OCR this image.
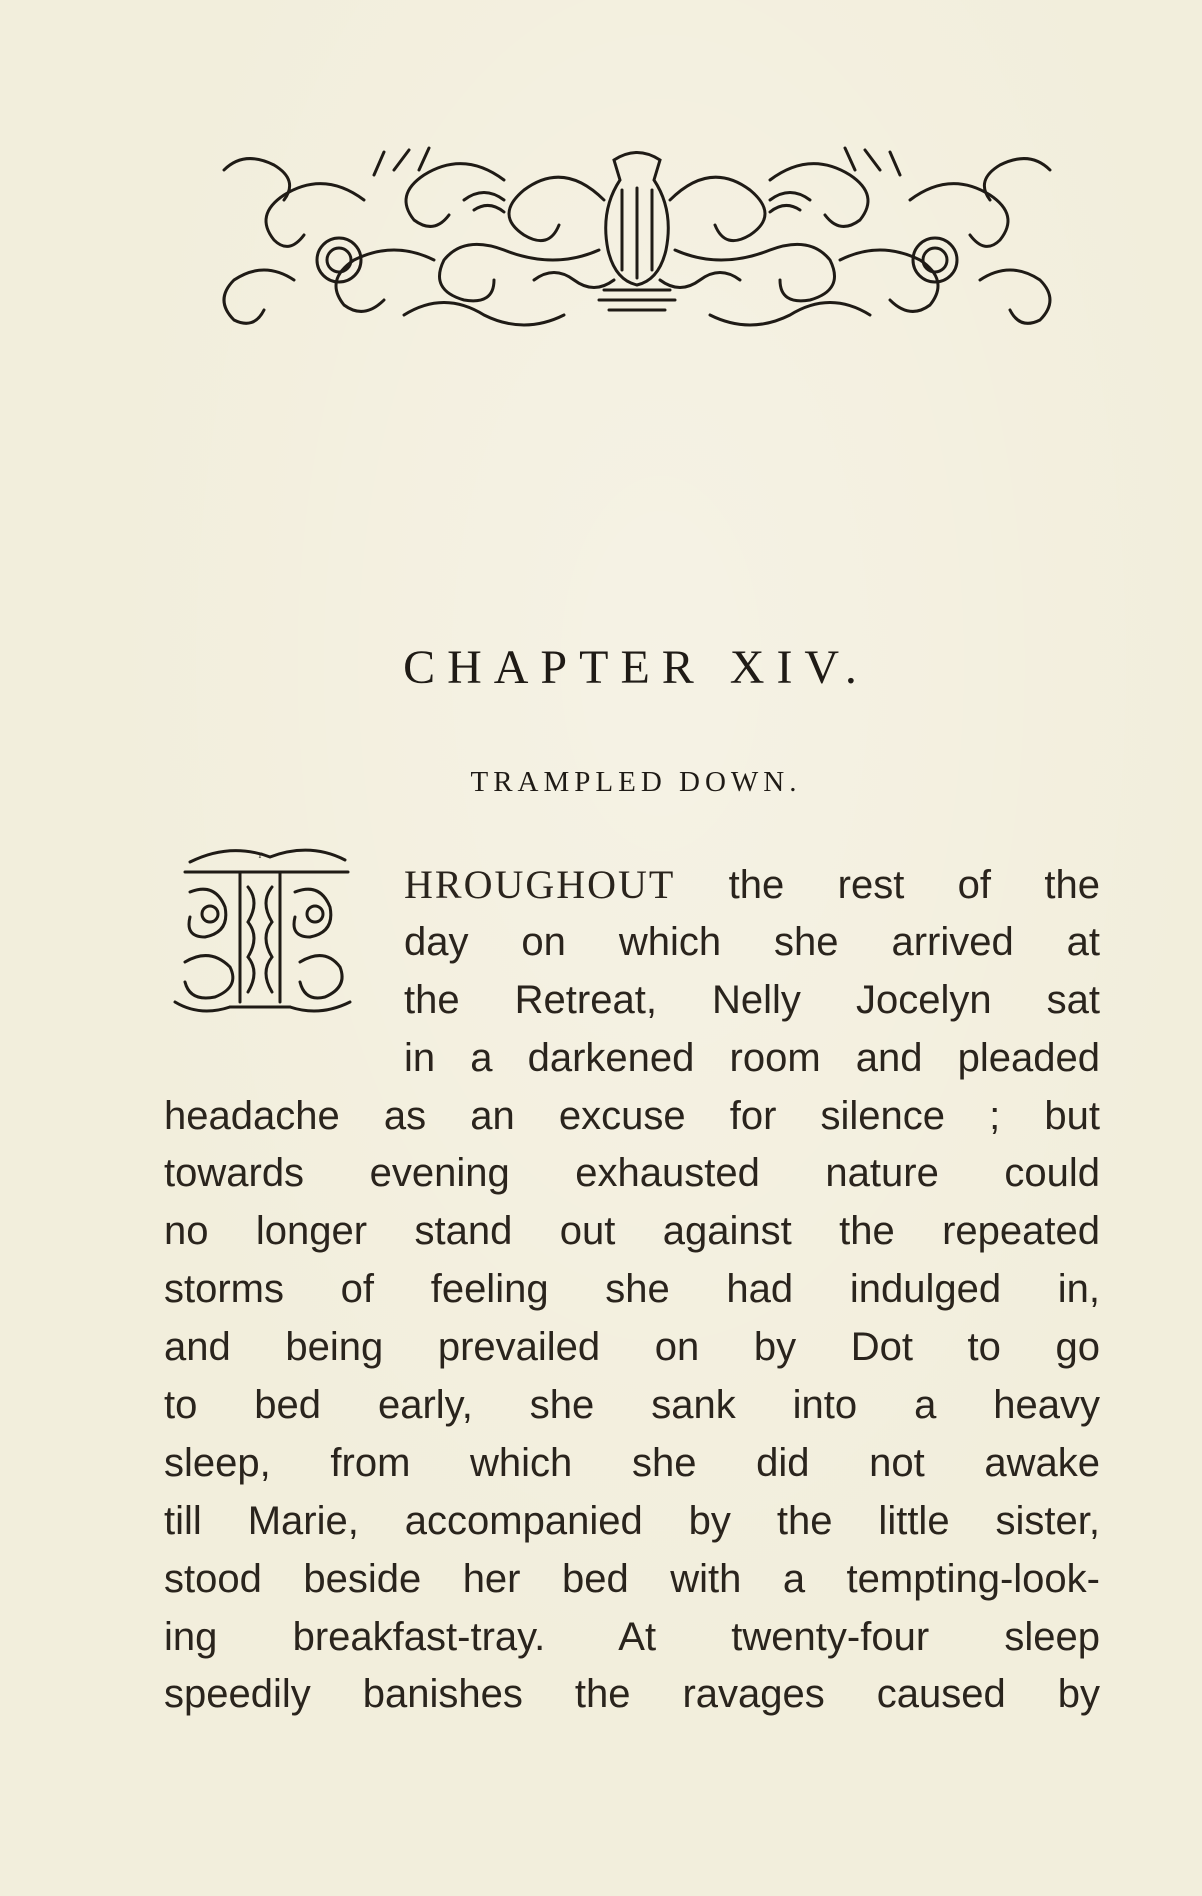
CHAPTER XIV.
TRAMPLED DOWN.
T
HROUGHOUT the rest of the
day on which she arrived at
the Retreat, Nelly Jocelyn sat
in a darkened room and pleaded
headache as an excuse for silence ; but
towards evening exhausted nature could
no longer stand out against the repeated
storms of feeling she had indulged in,
and being prevailed on by Dot to go
to bed early, she sank into a heavy
sleep, from which she did not awake
till Marie, accompanied by the little sister,
stood beside her bed with a tempting-look-
ing breakfast-tray. At twenty-four sleep
speedily banishes the ravages caused by
